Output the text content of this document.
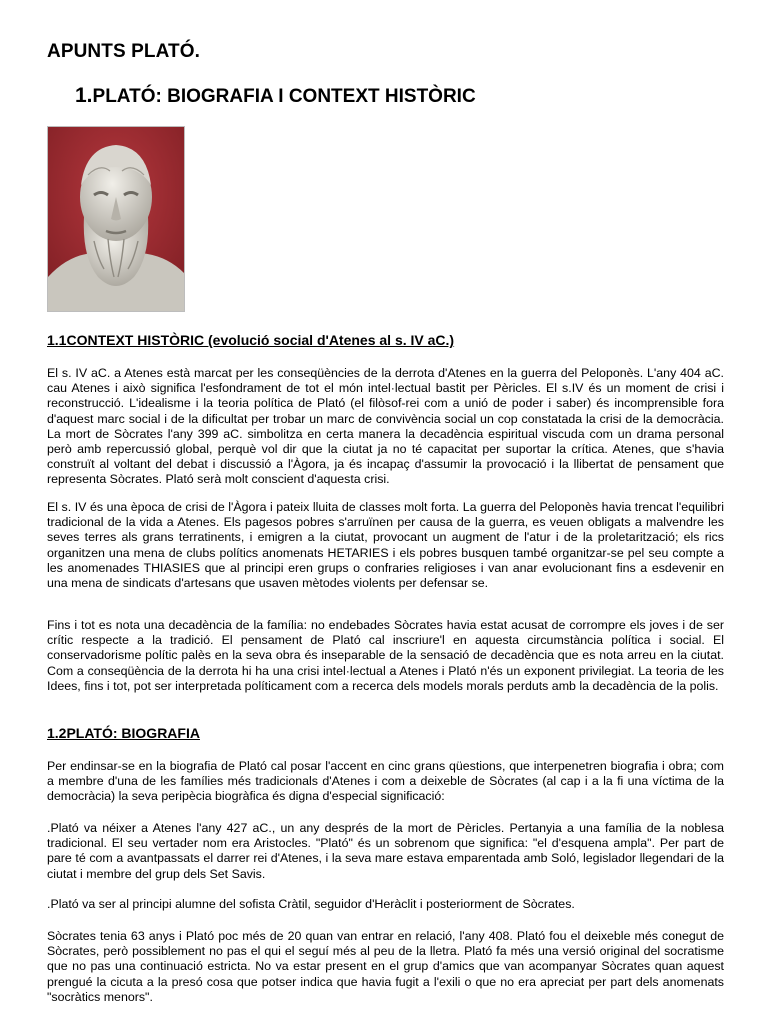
APUNTS PLATÓ.
1.PLATÓ: BIOGRAFIA I CONTEXT HISTÒRIC
1.1CONTEXT HISTÒRIC (evolució social d'Atenes al s. IV aC.)

El s. IV aC. a Atenes està marcat per les conseqüències de la derrota d'Atenes en la guerra del Peloponès. L'any 404 aC. cau Atenes i això significa l'esfondrament de tot el món intel·lectual bastit per Pèricles. El s.IV és un moment de crisi i reconstrucció. L'idealisme i la teoria política de Plató (el filòsof-rei com a unió de poder i saber) és incomprensible fora d'aquest marc social i de la dificultat per trobar un marc de convivència social un cop constatada la crisi de la democràcia. La mort de Sòcrates l'any 399 aC. simbolitza en certa manera la decadència espiritual viscuda com un drama personal però amb repercussió global, perquè vol dir que la ciutat ja no té capacitat per suportar la crítica. Atenes, que s'havia construït al voltant del debat i discussió a l'Àgora, ja és incapaç d'assumir la provocació i la llibertat de pensament que representa Sòcrates. Plató serà molt conscient d'aquesta crisi.

El s. IV és una època de crisi de l'Àgora i pateix lluita de classes molt forta. La guerra del Peloponès havia trencat l'equilibri tradicional de la vida a Atenes. Els pagesos pobres s'arruïnen per causa de la guerra, es veuen obligats a malvendre les seves terres als grans terratinents, i emigren a la ciutat, provocant un augment de l'atur i de la proletarització; els rics organitzen una mena de clubs polítics anomenats HETARIES i els pobres busquen també organitzar-se pel seu compte a les anomenades THIASIES que al principi eren grups o confraries religioses i van anar evolucionant fins a esdevenir en una mena de sindicats d'artesans que usaven mètodes violents per defensar se.

Fins i tot es nota una decadència de la família: no endebades Sòcrates havia estat acusat de corrompre els joves i de ser crític respecte a la tradició. El pensament de Plató cal inscriure'l en aquesta circumstància política i social. El conservadorisme polític palès en la seva obra és inseparable de la sensació de decadència que es nota arreu en la ciutat. Com a conseqüència de la derrota hi ha una crisi intel·lectual a Atenes i Plató n'és un exponent privilegiat. La teoria de les Idees, fins i tot, pot ser interpretada políticament com a recerca dels models morals perduts amb la decadència de la polis.

1.2PLATÓ: BIOGRAFIA

Per endinsar-se en la biografia de Plató cal posar l'accent en cinc grans qüestions, que interpenetren biografia i obra; com a membre d'una de les famílies més tradicionals d'Atenes i com a deixeble de Sòcrates (al cap i a la fi una víctima de la democràcia) la seva peripècia biogràfica és digna d'especial significació:

.Plató va néixer a Atenes l'any 427 aC., un any després de la mort de Pèricles. Pertanyia a una família de la noblesa tradicional. El seu vertader nom era Aristocles. "Plató" és un sobrenom que significa: "el d'esquena ampla". Per part de pare té com a avantpassats el darrer rei d'Atenes, i la seva mare estava emparentada amb Soló, legislador llegendari de la ciutat i membre del grup dels Set Savis.

.Plató va ser al principi alumne del sofista Cràtil, seguidor d'Heràclit i posteriorment de Sòcrates.

Sòcrates tenia 63 anys i Plató poc més de 20 quan van entrar en relació, l'any 408. Plató fou el deixeble més conegut de Sòcrates, però possiblement no pas el qui el seguí més al peu de la lletra. Plató fa més una versió original del socratisme que no pas una continuació estricta. No va estar present en el grup d'amics que van acompanyar Sòcrates quan aquest prengué la cicuta a la presó cosa que potser indica que havia fugit a l'exili o que no era apreciat per part dels anomenats "socràtics menors".
